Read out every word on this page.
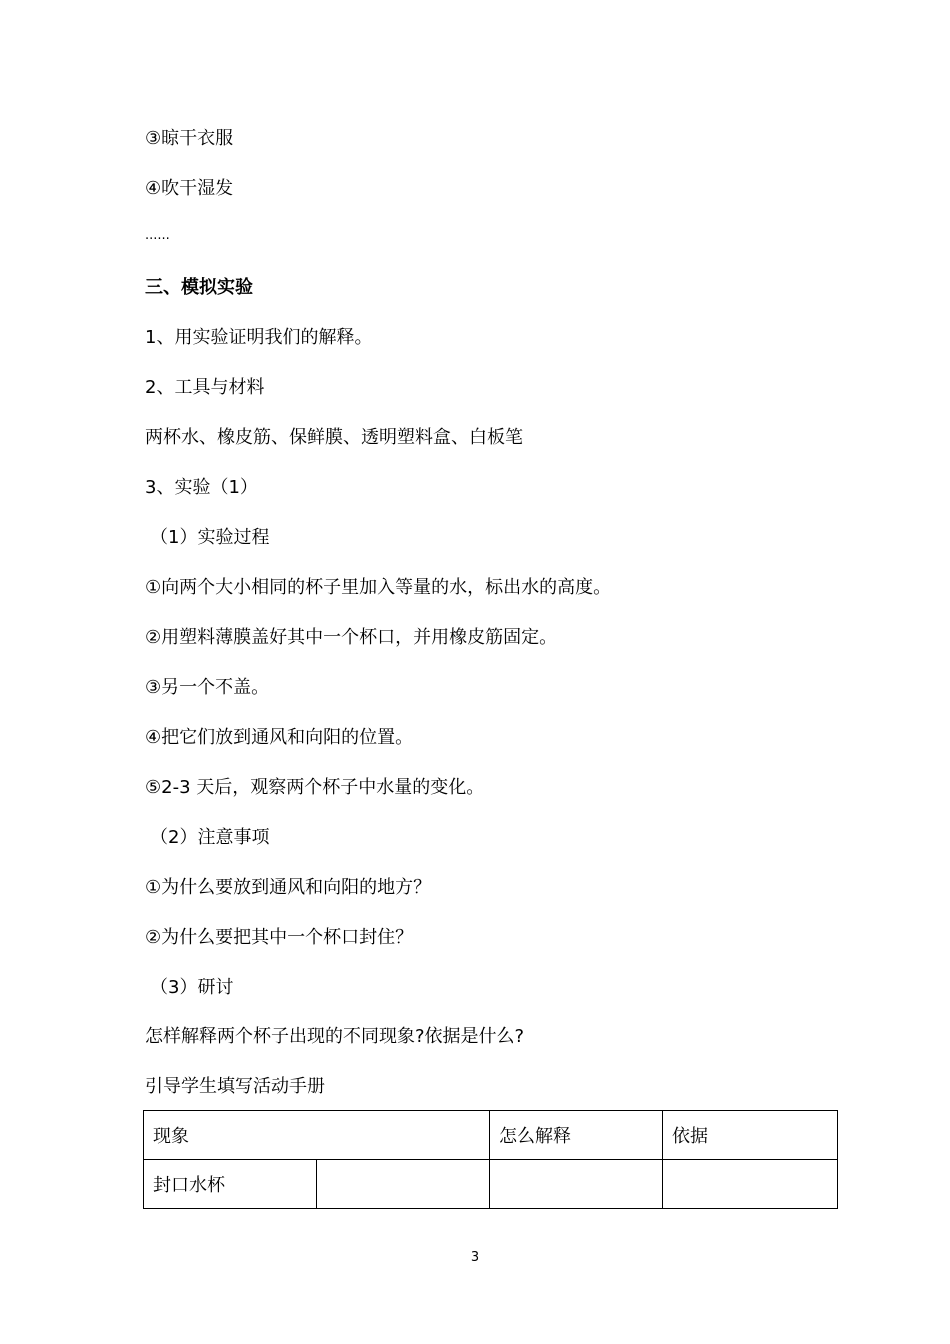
③晾干衣服
④吹干湿发
......
三、模拟实验
1、用实验证明我们的解释。
2、工具与材料
两杯水、橡皮筋、保鲜膜、透明塑料盒、白板笔
3、实验（1）
（1）实验过程
①向两个大小相同的杯子里加入等量的水，标出水的高度。
②用塑料薄膜盖好其中一个杯口，并用橡皮筋固定。
③另一个不盖。
④把它们放到通风和向阳的位置。
⑤2-3 天后，观察两个杯子中水量的变化。
（2）注意事项
①为什么要放到通风和向阳的地方？
②为什么要把其中一个杯口封住？
（3）研讨
怎样解释两个杯子出现的不同现象?依据是什么?
引导学生填写活动手册
现象		怎么解释	依据
封口水杯			
3
